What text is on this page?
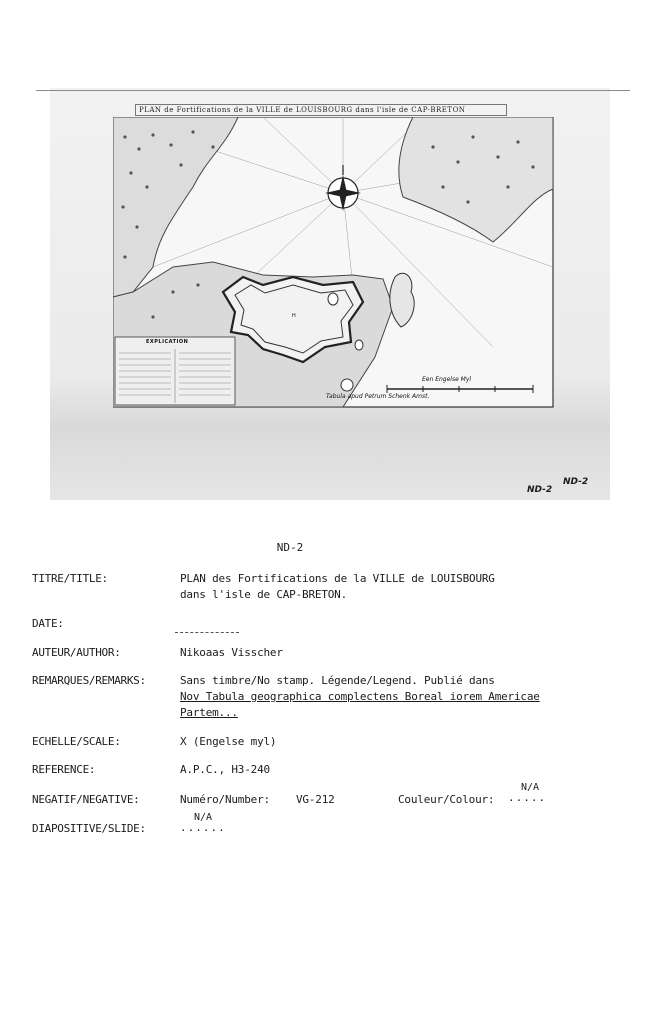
PLAN de Fortifications de la VILLE de LOUISBOURG dans l'isle de CAP-BRETON
EXPLICATION
H
Een Engelse Myl
Tabula apud Petrum Schenk Amst.
ND-2
ND-2
ND-2
TITRE/TITLE:	PLAN des Fortifications de la VILLE de LOUISBOURG
dans l'isle de CAP-BRETON.
DATE:
AUTEUR/AUTHOR:	Nikoaas Visscher
REMARQUES/REMARKS:	Sans timbre/No stamp. Légende/Legend. Publié dans
Nov Tabula geographica complectens Boreal iorem Americae
Partem...
ECHELLE/SCALE:	X (Engelse myl)
REFERENCE:	A.P.C., H3-240
NEGATIF/NEGATIVE:	Numéro/Number: VG-212	Couleur/Colour: .....
N/A
DIAPOSITIVE/SLIDE:	......
N/A
